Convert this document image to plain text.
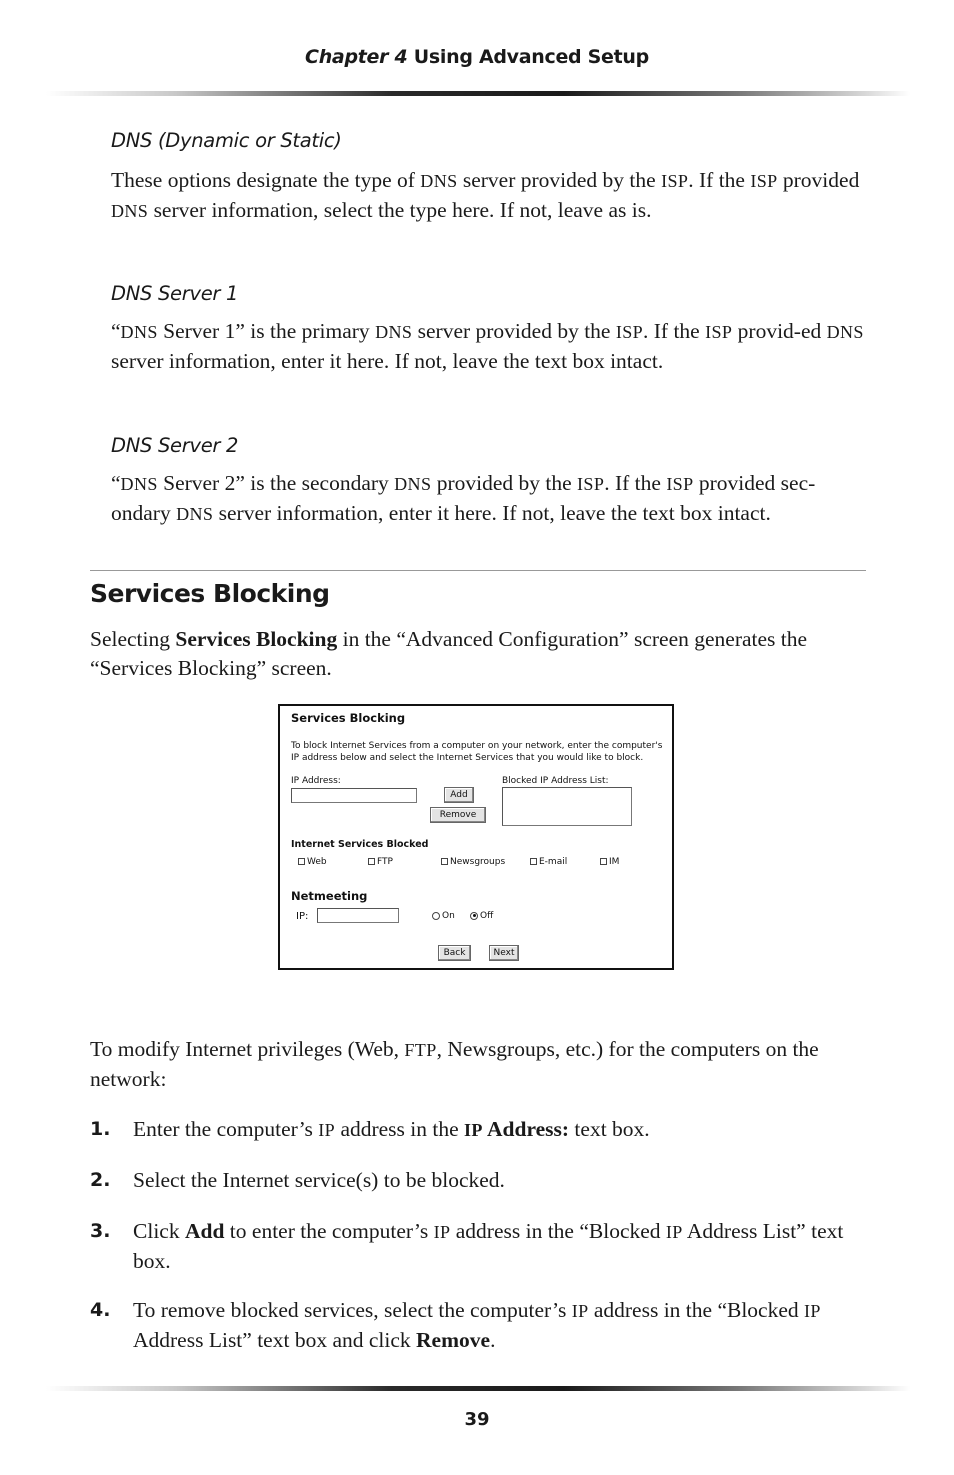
Chapter 4 Using Advanced Setup
DNS (Dynamic or Static)

These options designate the type of DNS server provided by the ISP. If the ISP provided DNS server information, select the type here. If not, leave as is.

DNS Server 1

“DNS Server 1” is the primary DNS server provided by the ISP. If the ISP provid-ed DNS server information, enter it here. If not, leave the text box intact.

DNS Server 2

“DNS Server 2” is the secondary DNS provided by the ISP. If the ISP provided sec-ondary DNS server information, enter it here. If not, leave the text box intact.

Services Blocking

Selecting Services Blocking in the “Advanced Configuration” screen generates the “Services Blocking” screen.

Services Blocking
To block Internet Services from a computer on your network, enter the computer's IP address below and select the Internet Services that you would like to block.
IP Address:	Blocked IP Address List:
Add
Remove
Internet Services Blocked
Web	FTP	Newsgroups	E-mail	IM
Netmeeting
IP:	On	Off
Back	Next

To modify Internet privileges (Web, FTP, Newsgroups, etc.) for the computers on the network:

1. Enter the computer’s IP address in the IP Address: text box.
2. Select the Internet service(s) to be blocked.
3. Click Add to enter the computer’s IP address in the “Blocked IP Address List” text box.
4. To remove blocked services, select the computer’s IP address in the “Blocked IP Address List” text box and click Remove.
39
